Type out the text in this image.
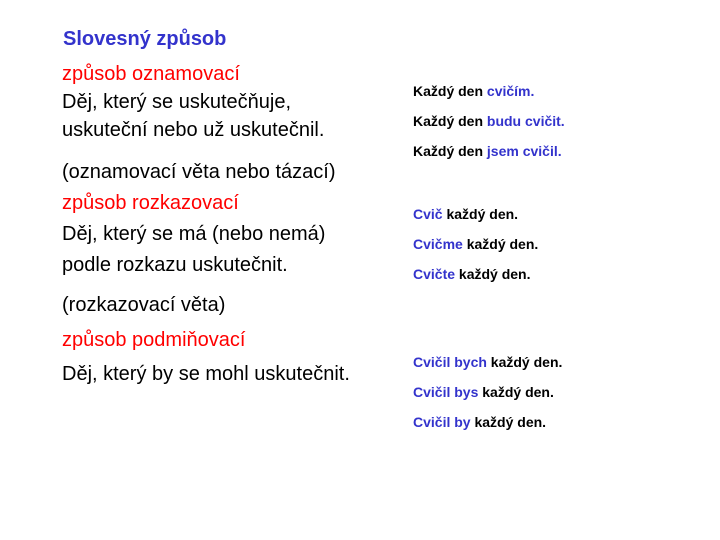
Slovesný způsob
způsob oznamovací
Děj, který se uskutečňuje,
uskuteční nebo už uskutečnil.
(oznamovací věta nebo tázací)
způsob rozkazovací
Děj, který se má (nebo nemá)
podle rozkazu uskutečnit.
(rozkazovací věta)
způsob podmiňovací
Děj, který by se mohl uskutečnit.
Každý den cvičím.
Každý den budu cvičit.
Každý den jsem cvičil.
Cvič každý den.
Cvičme každý den.
Cvičte každý den.
Cvičil bych každý den.
Cvičil bys každý den.
Cvičil by každý den.
